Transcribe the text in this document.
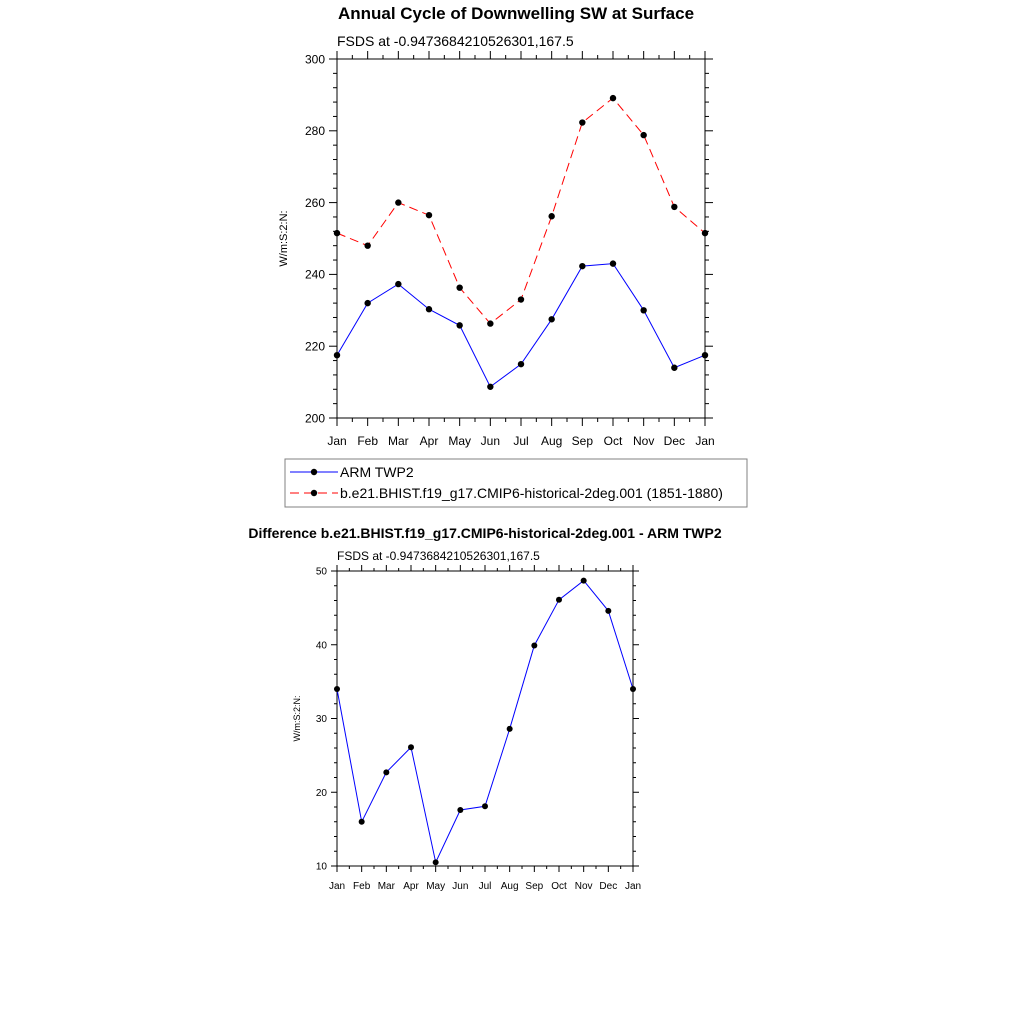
Annual Cycle of Downwelling SW at Surface
FSDS at -0.9473684210526301,167.5
200
220
240
260
280
300
Jan Feb Mar Apr May Jun Jul Aug Sep Oct Nov Dec Jan
W/m:S:2:N:
ARM TWP2
b.e21.BHIST.f19_g17.CMIP6-historical-2deg.001 (1851-1880)
Difference b.e21.BHIST.f19_g17.CMIP6-historical-2deg.001 - ARM TWP2
FSDS at -0.9473684210526301,167.5
10
20
30
40
50
Jan Feb Mar Apr May Jun Jul Aug Sep Oct Nov Dec Jan
W/m:S:2:N:
